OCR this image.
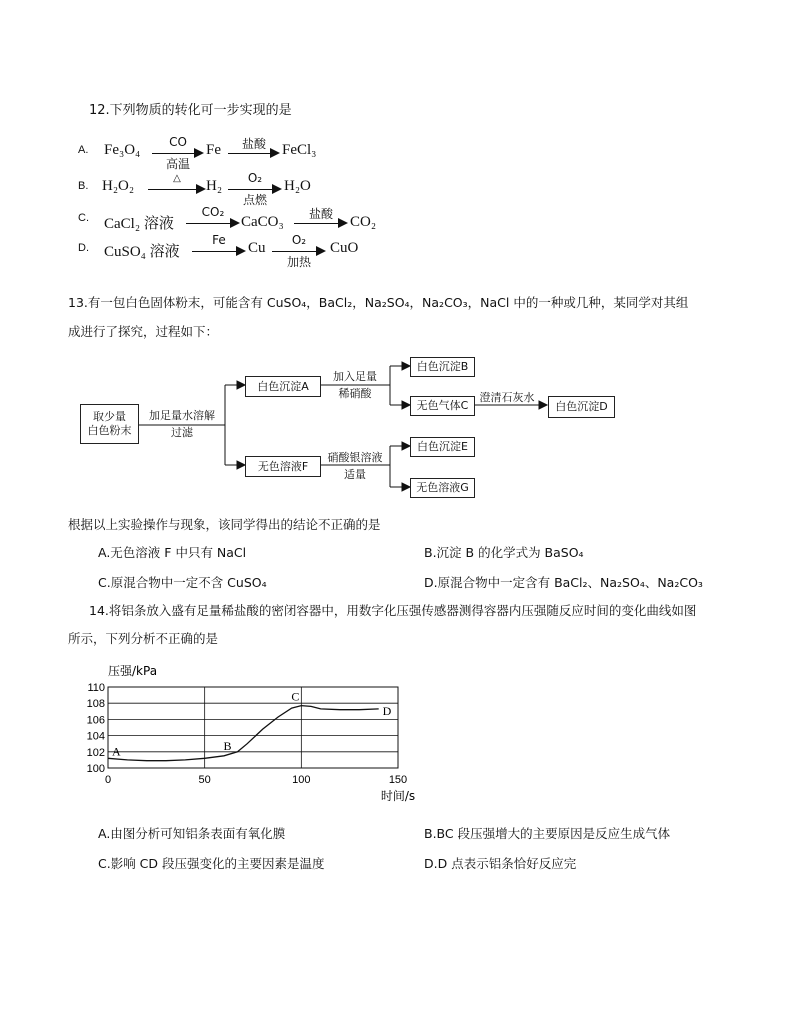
12.下列物质的转化可一步实现的是
A. Fe₃O₄	CO
高温
Fe	盐酸	FeCl₃
B. H₂O₂	△	H₂	O₂
点燃
H₂O
C. CaCl₂ 溶液
CO₂
CaCO₃	盐酸	CO₂
D. CuSO₄ 溶液
Fe	Cu	O₂
加热
CuO
13.有一包白色固体粉末，可能含有 CuSO₄，BaCl₂，Na₂SO₄，Na₂CO₃，NaCl 中的一种或几种，某同学对其组
成进行了探究，过程如下：
取少量
白色粉末
加足量水溶解
过滤
白色沉淀A
无色溶液F
加入足量
稀硝酸
硝酸银溶液
适量
白色沉淀B
无色气体C
白色沉淀E
无色溶液G
澄清石灰水
白色沉淀D
根据以上实验操作与现象，该同学得出的结论不正确的是
A.无色溶液 F 中只有 NaCl	B.沉淀 B 的化学式为 BaSO₄
C.原混合物中一定不含 CuSO₄	D.原混合物中一定含有 BaCl₂、Na₂SO₄、Na₂CO₃
14.将铝条放入盛有足量稀盐酸的密闭容器中，用数字化压强传感器测得容器内压强随反应时间的变化曲线如图
所示，下列分析不正确的是
100
102
104
106
108
110
0	50	100	150
压强/kPa
时间/s
A	B
C
D
A.由图分析可知铝条表面有氧化膜	B.BC 段压强增大的主要原因是反应生成气体
C.影响 CD 段压强变化的主要因素是温度	D.D 点表示铝条恰好反应完
